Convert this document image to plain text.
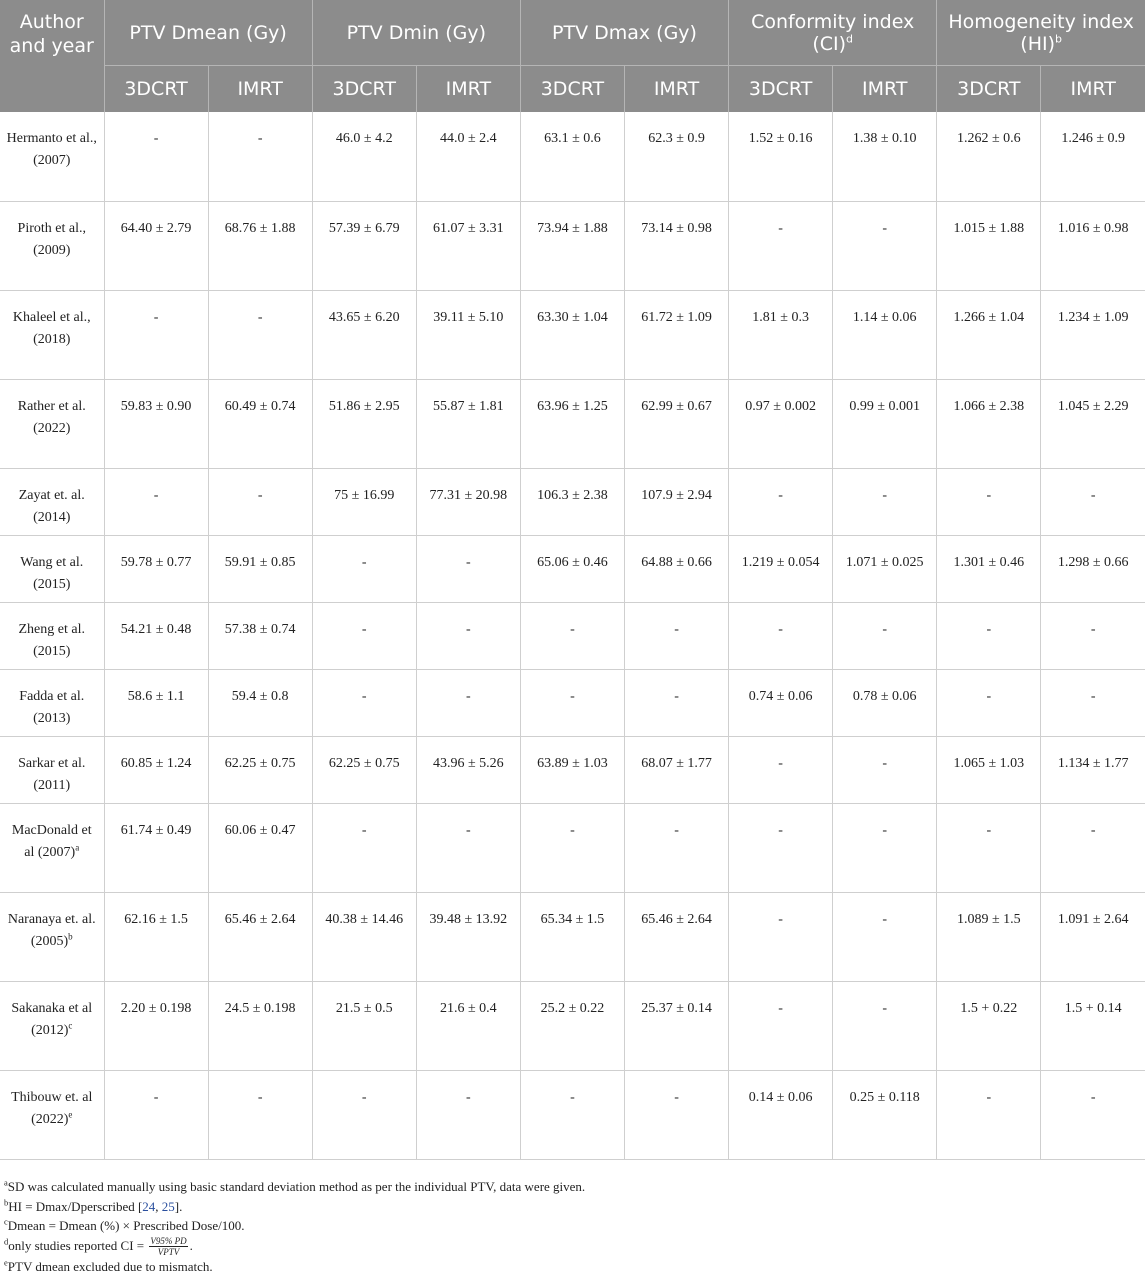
Author and year	PTV Dmean (Gy)		PTV Dmin (Gy)		PTV Dmax (Gy)		Conformity index (CI)$^d$		Homogeneity index (HI)$^b$
	3DCRT	IMRT	3DCRT	IMRT	3DCRT	IMRT	3DCRT	IMRT	3DCRT	IMRT
Hermanto et al., (2007)	-	-	46.0 ± 4.2	44.0 ± 2.4	63.1 ± 0.6	62.3 ± 0.9	1.52 ± 0.16	1.38 ± 0.10	1.262 ± 0.6	1.246 ± 0.9
Piroth et al., (2009)	64.40 ± 2.79	68.76 ± 1.88	57.39 ± 6.79	61.07 ± 3.31	73.94 ± 1.88	73.14 ± 0.98	-	-	1.015 ± 1.88	1.016 ± 0.98
Khaleel et al., (2018)	-	-	43.65 ± 6.20	39.11 ± 5.10	63.30 ± 1.04	61.72 ± 1.09	1.81 ± 0.3	1.14 ± 0.06	1.266 ± 1.04	1.234 ± 1.09
Rather et al. (2022)	59.83 ± 0.90	60.49 ± 0.74	51.86 ± 2.95	55.87 ± 1.81	63.96 ± 1.25	62.99 ± 0.67	0.97 ± 0.002	0.99 ± 0.001	1.066 ± 2.38	1.045 ± 2.29
Zayat et. al. (2014)	-	-	75 ± 16.99	77.31 ± 20.98	106.3 ± 2.38	107.9 ± 2.94	-	-	-	-
Wang et al. (2015)	59.78 ± 0.77	59.91 ± 0.85	-	-	65.06 ± 0.46	64.88 ± 0.66	1.219 ± 0.054	1.071 ± 0.025	1.301 ± 0.46	1.298 ± 0.66
Zheng et al. (2015)	54.21 ± 0.48	57.38 ± 0.74	-	-	-	-	-	-	-	-
Fadda et al. (2013)	58.6 ± 1.1	59.4 ± 0.8	-	-	-	-	0.74 ± 0.06	0.78 ± 0.06	-	-
Sarkar et al. (2011)	60.85 ± 1.24	62.25 ± 0.75	62.25 ± 0.75	43.96 ± 5.26	63.89 ± 1.03	68.07 ± 1.77	-	-	1.065 ± 1.03	1.134 ± 1.77
MacDonald et al $(2007)^a$	61.74 ± 0.49	60.06 ± 0.47	-	-	-	-	-	-	-	-
Naranaya et. al. $(2005)^b$	62.16 ± 1.5	65.46 ± 2.64	40.38 ± 14.46	39.48 ± 13.92	65.34 ± 1.5	65.46 ± 2.64	-	-	1.089 ± 1.5	1.091 ± 2.64
Sakanaka et al $(2012)^c$	2.20 ± 0.198	24.5 ± 0.198	21.5 ± 0.5	21.6 ± 0.4	25.2 ± 0.22	25.37 ± 0.14	-	-	1.5 + 0.22	1.5 + 0.14
Thibouw et. al $(2022)^e$	-	-	-	-	-	-	0.14 ± 0.06	0.25 ± 0.118	-	-
$^a$SD was calculated manually using basic standard deviation method as per the individual PTV, data were given.
$^b$HI = Dmax/Dperscribed [24, 25].
$^c$Dmean = Dmean (%) × Prescribed Dose/100.
$^d$only studies reported CI = $\frac{V95\% PD}{\text{VPTV}}$ .
$^e$PTV dmean excluded due to mismatch.
